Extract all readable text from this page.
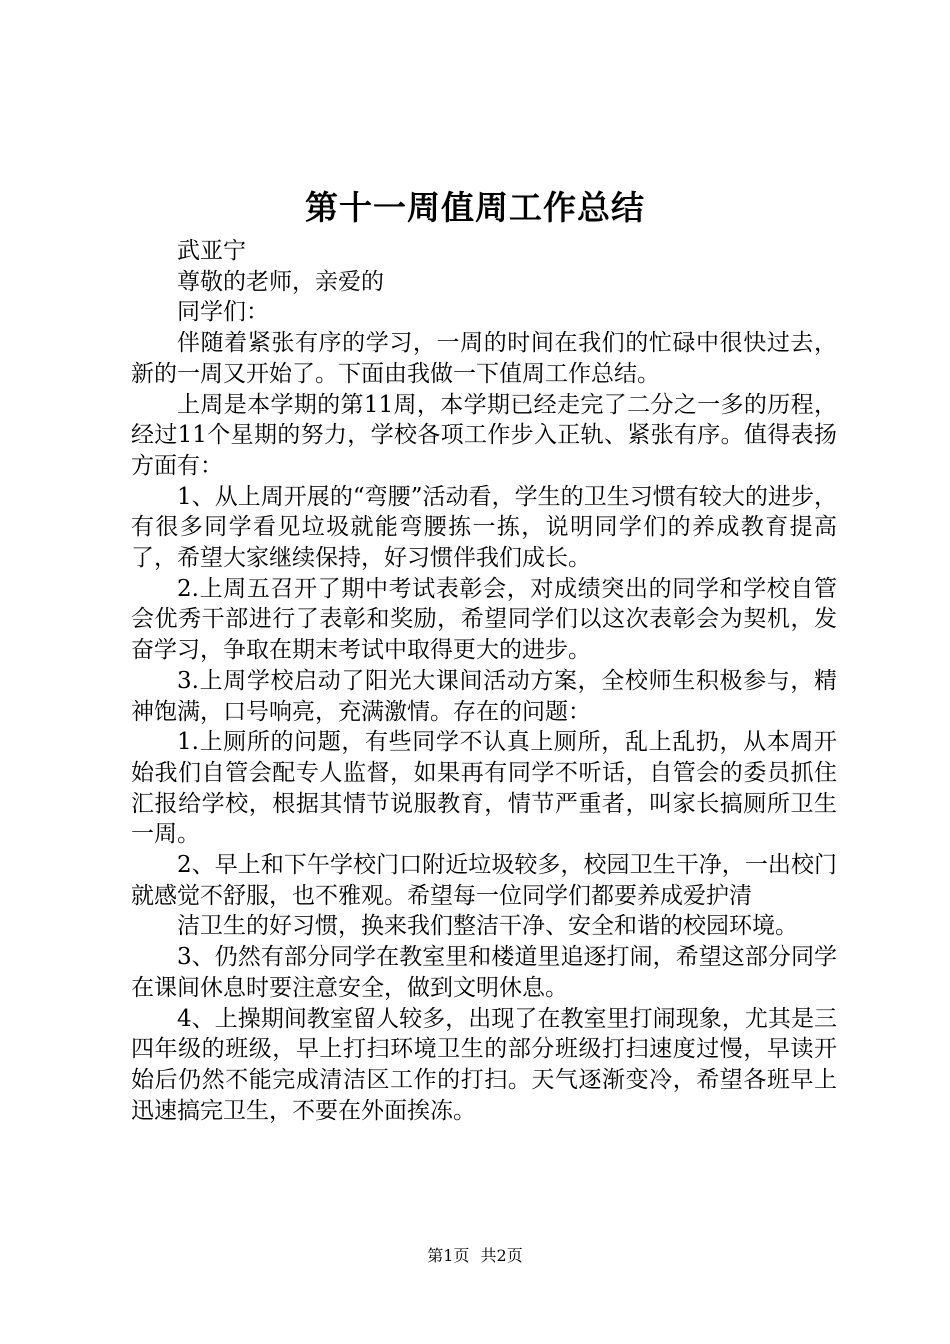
第十一周值周工作总结

武亚宁

尊敬的老师，亲爱的

同学们：

伴随着紧张有序的学习，一周的时间在我们的忙碌中很快过去，新的一周又开始了。下面由我做一下值周工作总结。

上周是本学期的第11周，本学期已经走完了二分之一多的历程，经过11个星期的努力，学校各项工作步入正轨、紧张有序。值得表扬方面有：

1、从上周开展的“弯腰”活动看，学生的卫生习惯有较大的进步，有很多同学看见垃圾就能弯腰拣一拣，说明同学们的养成教育提高了，希望大家继续保持，好习惯伴我们成长。

2.上周五召开了期中考试表彰会，对成绩突出的同学和学校自管会优秀干部进行了表彰和奖励，希望同学们以这次表彰会为契机，发奋学习，争取在期末考试中取得更大的进步。

3.上周学校启动了阳光大课间活动方案，全校师生积极参与，精神饱满，口号响亮，充满激情。存在的问题：

1.上厕所的问题，有些同学不认真上厕所，乱上乱扔，从本周开始我们自管会配专人监督，如果再有同学不听话，自管会的委员抓住汇报给学校，根据其情节说服教育，情节严重者，叫家长搞厕所卫生一周。

2、早上和下午学校门口附近垃圾较多，校园卫生干净，一出校门就感觉不舒服，也不雅观。希望每一位同学们都要养成爱护清

洁卫生的好习惯，换来我们整洁干净、安全和谐的校园环境。

3、仍然有部分同学在教室里和楼道里追逐打闹，希望这部分同学在课间休息时要注意安全，做到文明休息。

4、上操期间教室留人较多，出现了在教室里打闹现象，尤其是三四年级的班级，早上打扫环境卫生的部分班级打扫速度过慢，早读开始后仍然不能完成清洁区工作的打扫。天气逐渐变冷，希望各班早上迅速搞完卫生，不要在外面挨冻。

第1页 共2页
